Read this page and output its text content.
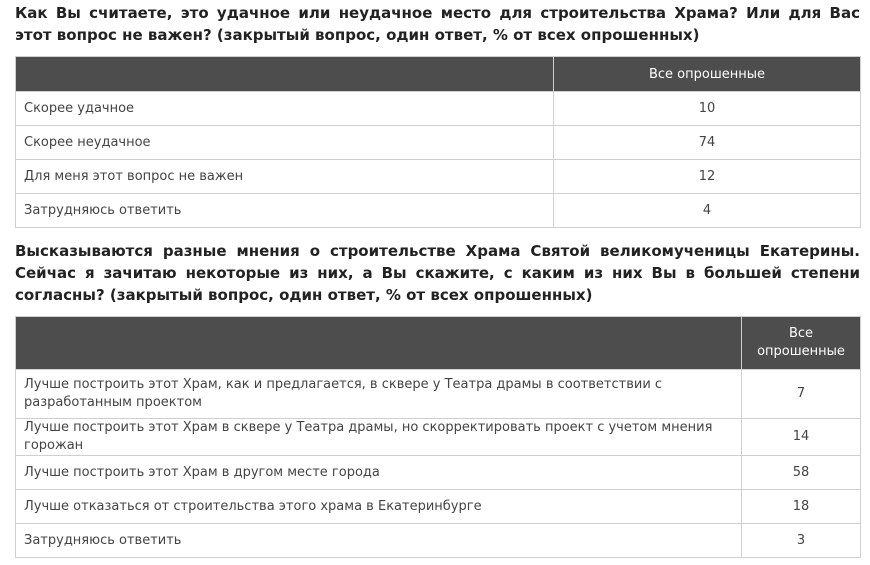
Как Вы считаете, это удачное или неудачное место для строительства Храма? Или для Вас этот вопрос не важен? (закрытый вопрос, один ответ, % от всех опрошенных)

	Все опрошенные
Скорее удачное	10
Скорее неудачное	74
Для меня этот вопрос не важен	12
Затрудняюсь ответить	4

Высказываются разные мнения о строительстве Храма Святой великомученицы Екатерины. Сейчас я зачитаю некоторые из них, а Вы скажите, с каким из них Вы в большей степени согласны? (закрытый вопрос, один ответ, % от всех опрошенных)

	Все опрошенные
Лучше построить этот Храм, как и предлагается, в сквере у Театра драмы в соответствии с разработанным проектом	7
Лучше построить этот Храм в сквере у Театра драмы, но скорректировать проект с учетом мнения горожан	14
Лучше построить этот Храм в другом месте города	58
Лучше отказаться от строительства этого храма в Екатеринбурге	18
Затрудняюсь ответить	3
